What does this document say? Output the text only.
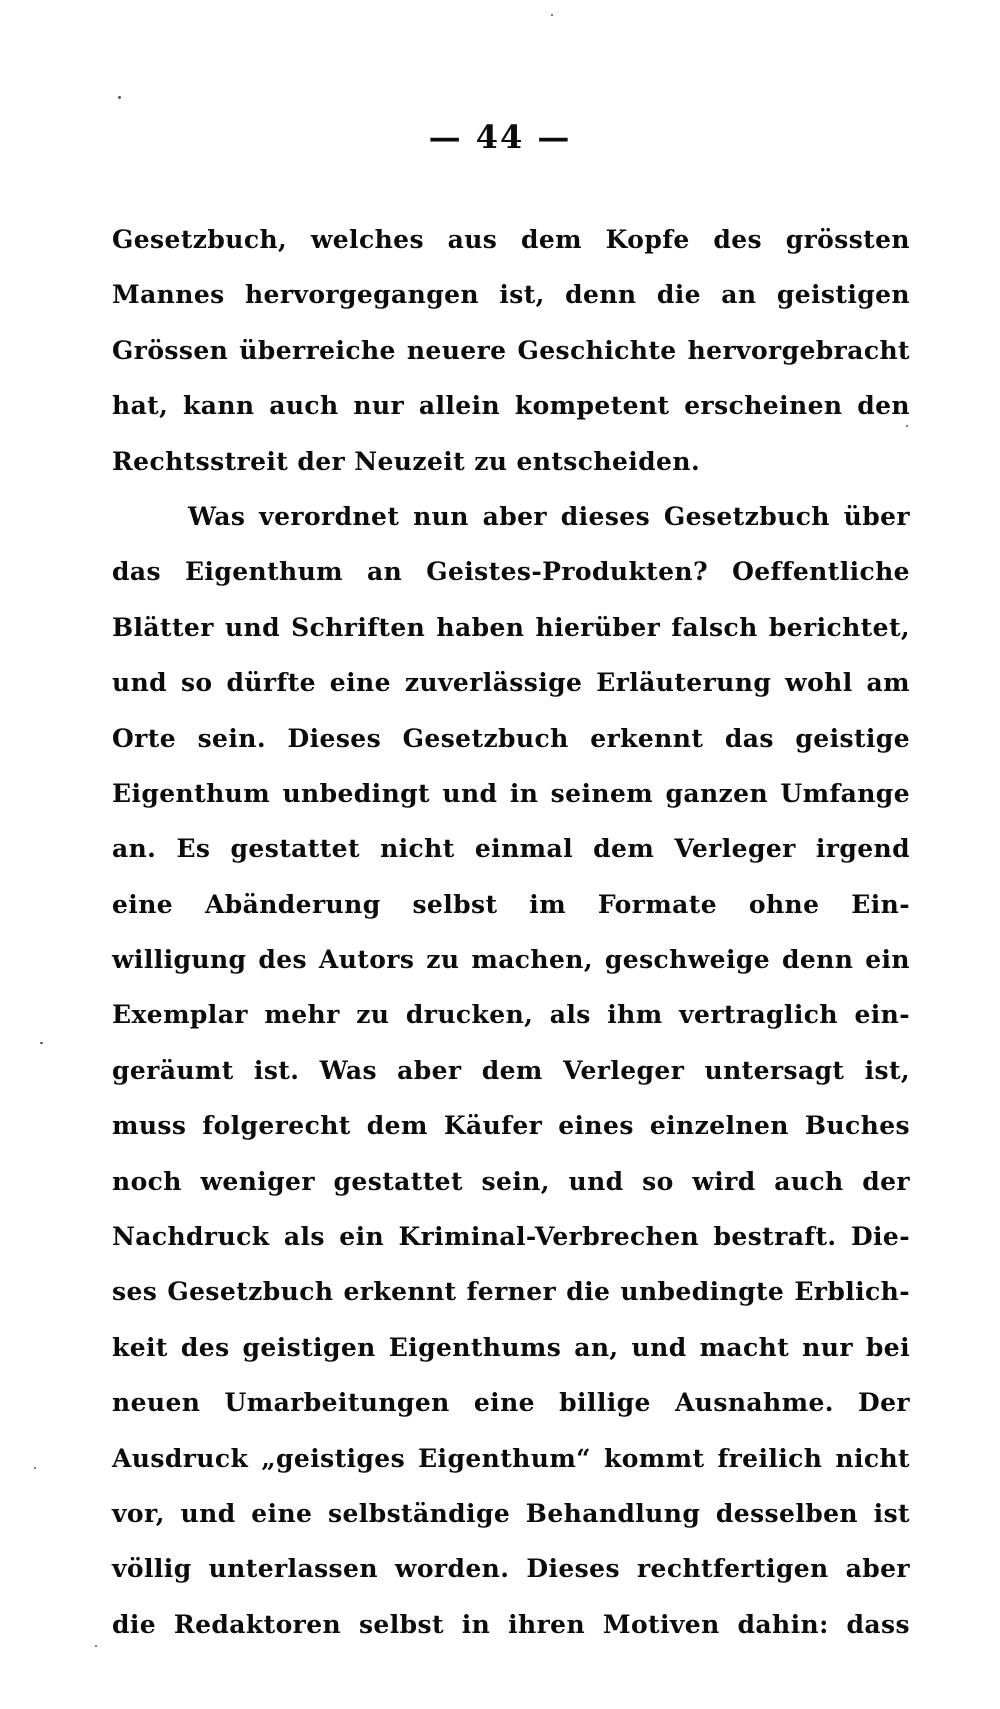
— 44 —
Gesetzbuch, welches aus dem Kopfe des grössten
Mannes hervorgegangen ist, denn die an geistigen
Grössen überreiche neuere Geschichte hervorgebracht
hat, kann auch nur allein kompetent erscheinen den
Rechtsstreit der Neuzeit zu entscheiden.
Was verordnet nun aber dieses Gesetzbuch über
das Eigenthum an Geistes-Produkten? Oeffentliche
Blätter und Schriften haben hierüber falsch berichtet,
und so dürfte eine zuverlässige Erläuterung wohl am
Orte sein. Dieses Gesetzbuch erkennt das geistige
Eigenthum unbedingt und in seinem ganzen Umfange
an. Es gestattet nicht einmal dem Verleger irgend
eine Abänderung selbst im Formate ohne Ein-
willigung des Autors zu machen, geschweige denn ein
Exemplar mehr zu drucken, als ihm vertraglich ein-
geräumt ist. Was aber dem Verleger untersagt ist,
muss folgerecht dem Käufer eines einzelnen Buches
noch weniger gestattet sein, und so wird auch der
Nachdruck als ein Kriminal-Verbrechen bestraft. Die-
ses Gesetzbuch erkennt ferner die unbedingte Erblich-
keit des geistigen Eigenthums an, und macht nur bei
neuen Umarbeitungen eine billige Ausnahme. Der
Ausdruck „geistiges Eigenthum“ kommt freilich nicht
vor, und eine selbständige Behandlung desselben ist
völlig unterlassen worden. Dieses rechtfertigen aber
die Redaktoren selbst in ihren Motiven dahin: dass
